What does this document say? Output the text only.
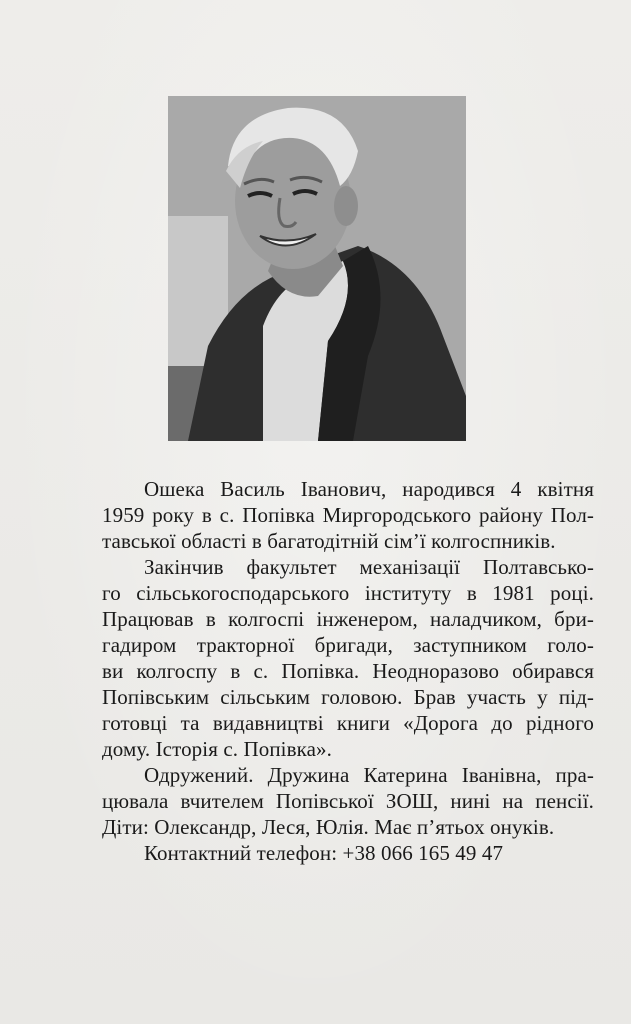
Ошека Василь Іванович, народився 4 квітня
1959 року в с. Попівка Миргородського району Пол-
тавської області в багатодітній сім’ї колгоспників.
Закінчив факультет механізації Полтавсько-
го сільськогосподарського інституту в 1981 році.
Працював в колгоспі інженером, наладчиком, бри-
гадиром тракторної бригади, заступником голо-
ви колгоспу в с. Попівка. Неодноразово обирався
Попівським сільським головою. Брав участь у під-
готовці та видавництві книги «Дорога до рідного
дому. Історія с. Попівка».
Одружений. Дружина Катерина Іванівна, пра-
цювала вчителем Попівської ЗОШ, нині на пенсії.
Діти: Олександр, Леся, Юлія. Має п’ятьох онуків.
Контактний телефон: +38 066 165 49 47
